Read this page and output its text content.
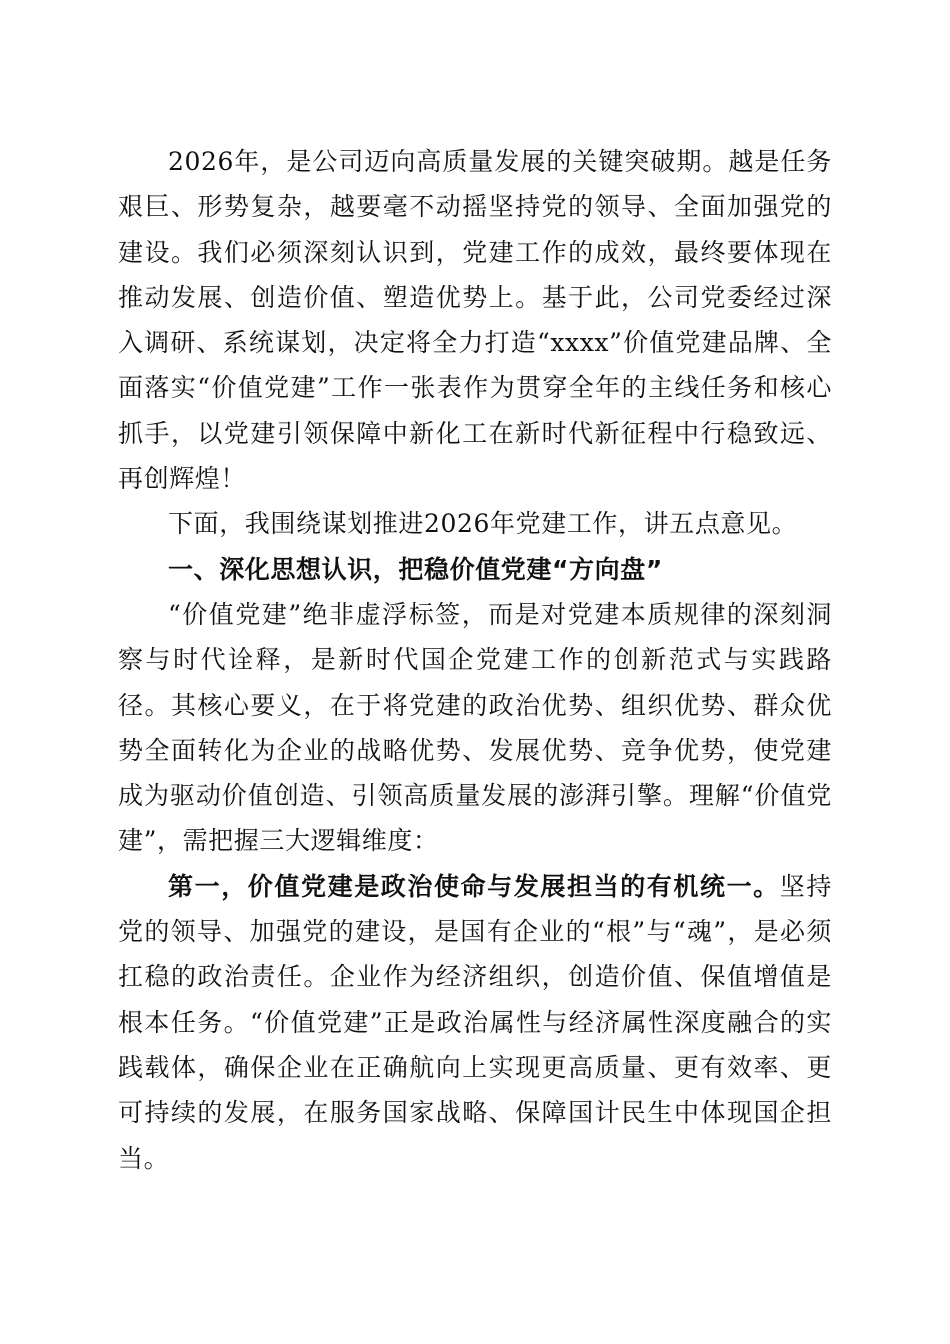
2026年，是公司迈向高质量发展的关键突破期。越是任务艰巨、形势复杂，越要毫不动摇坚持党的领导、全面加强党的建设。我们必须深刻认识到，党建工作的成效，最终要体现在推动发展、创造价值、塑造优势上。基于此，公司党委经过深入调研、系统谋划，决定将全力打造“xxxx”价值党建品牌、全面落实“价值党建”工作一张表作为贯穿全年的主线任务和核心抓手，以党建引领保障中新化工在新时代新征程中行稳致远、再创辉煌！

下面，我围绕谋划推进2026年党建工作，讲五点意见。

一、深化思想认识，把稳价值党建“方向盘”

“价值党建”绝非虚浮标签，而是对党建本质规律的深刻洞察与时代诠释，是新时代国企党建工作的创新范式与实践路径。其核心要义，在于将党建的政治优势、组织优势、群众优势全面转化为企业的战略优势、发展优势、竞争优势，使党建成为驱动价值创造、引领高质量发展的澎湃引擎。理解“价值党建”，需把握三大逻辑维度：

第一，价值党建是政治使命与发展担当的有机统一。坚持党的领导、加强党的建设，是国有企业的“根”与“魂”，是必须扛稳的政治责任。企业作为经济组织，创造价值、保值增值是根本任务。“价值党建”正是政治属性与经济属性深度融合的实践载体，确保企业在正确航向上实现更高质量、更有效率、更可持续的发展，在服务国家战略、保障国计民生中体现国企担当。
